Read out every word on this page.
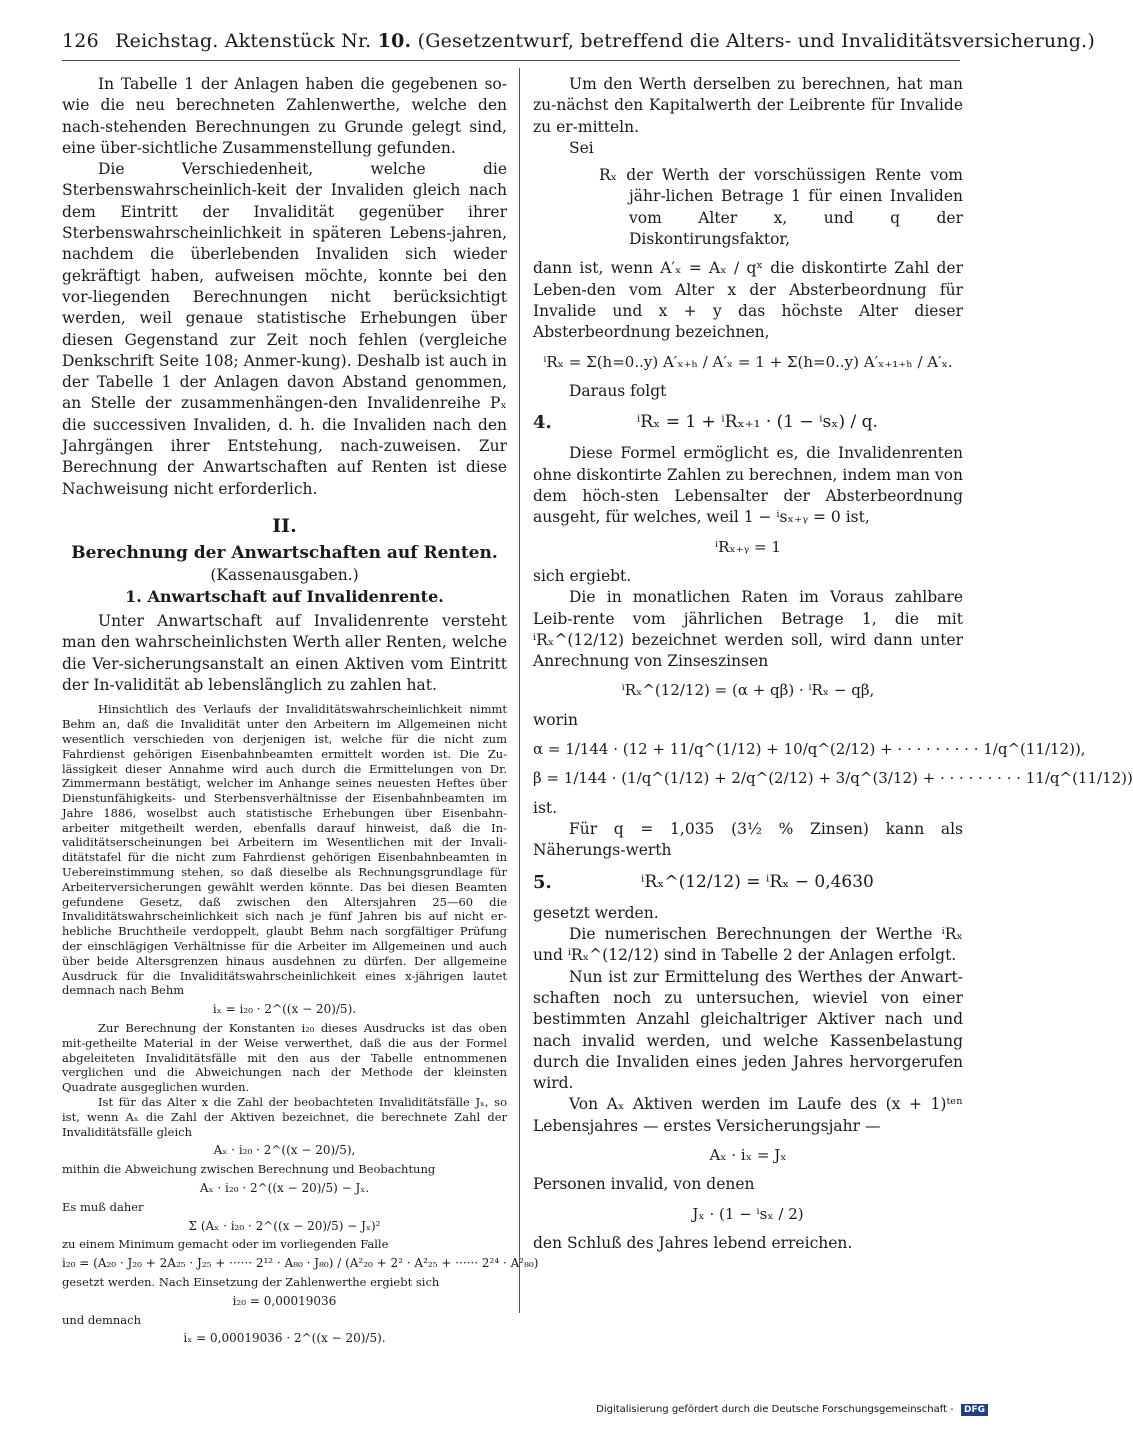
126 Reichstag. Aktenstück Nr. 10. (Gesetzentwurf, betreffend die Alters- und Invaliditätsversicherung.)

In Tabelle 1 der Anlagen haben die gegebenen so-wie die neu berechneten Zahlenwerthe, welche den nach-stehenden Berechnungen zu Grunde gelegt sind, eine über-sichtliche Zusammenstellung gefunden.

Die Verschiedenheit, welche die Sterbenswahrscheinlich-keit der Invaliden gleich nach dem Eintritt der Invalidität gegenüber ihrer Sterbenswahrscheinlichkeit in späteren Lebens-jahren, nachdem die überlebenden Invaliden sich wieder gekräftigt haben, aufweisen möchte, konnte bei den vor-liegenden Berechnungen nicht berücksichtigt werden, weil genaue statistische Erhebungen über diesen Gegenstand zur Zeit noch fehlen (vergleiche Denkschrift Seite 108; Anmer-kung). Deshalb ist auch in der Tabelle 1 der Anlagen davon Abstand genommen, an Stelle der zusammenhängen-den Invalidenreihe Pₓ die successiven Invaliden, d. h. die Invaliden nach den Jahrgängen ihrer Entstehung, nach-zuweisen. Zur Berechnung der Anwartschaften auf Renten ist diese Nachweisung nicht erforderlich.

II.
Berechnung der Anwartschaften auf Renten.
(Kassenausgaben.)
1. Anwartschaft auf Invalidenrente.

Unter Anwartschaft auf Invalidenrente versteht man den wahrscheinlichsten Werth aller Renten, welche die Ver-sicherungsanstalt an einen Aktiven vom Eintritt der In-validität ab lebenslänglich zu zahlen hat.

Hinsichtlich des Verlaufs der Invaliditätswahrscheinlichkeit nimmt Behm an, daß die Invalidität unter den Arbeitern im Allgemeinen nicht wesentlich verschieden von derjenigen ist, welche für die nicht zum Fahrdienst gehörigen Eisenbahnbeamten ermittelt worden ist. Die Zu-lässigkeit dieser Annahme wird auch durch die Ermittelungen von Dr. Zimmermann bestätigt, welcher im Anhange seines neuesten Heftes über Dienstunfähigkeits- und Sterbensverhältnisse der Eisenbahnbeamten im Jahre 1886, woselbst auch statistische Erhebungen über Eisenbahn-arbeiter mitgetheilt werden, ebenfalls darauf hinweist, daß die In-validitätserscheinungen bei Arbeitern im Wesentlichen mit der Invali-ditätstafel für die nicht zum Fahrdienst gehörigen Eisenbahnbeamten in Uebereinstimmung stehen, so daß dieselbe als Rechnungsgrundlage für Arbeiterversicherungen gewählt werden könnte. Das bei diesen Beamten gefundene Gesetz, daß zwischen den Altersjahren 25—60 die Invaliditätswahrscheinlichkeit sich nach je fünf Jahren bis auf nicht er-hebliche Bruchtheile verdoppelt, glaubt Behm nach sorgfältiger Prüfung der einschlägigen Verhältnisse für die Arbeiter im Allgemeinen und auch über beide Altersgrenzen hinaus ausdehnen zu dürfen. Der allgemeine Ausdruck für die Invaliditätswahrscheinlichkeit eines x-jährigen lautet demnach nach Behm

iₓ = i₂₀ · 2^((x − 20)/5).

Zur Berechnung der Konstanten i₂₀ dieses Ausdrucks ist das oben mit-getheilte Material in der Weise verwerthet, daß die aus der Formel abgeleiteten Invaliditätsfälle mit den aus der Tabelle entnommenen verglichen und die Abweichungen nach der Methode der kleinsten Quadrate ausgeglichen wurden.

Ist für das Alter x die Zahl der beobachteten Invaliditätsfälle Jₓ, so ist, wenn Aₓ die Zahl der Aktiven bezeichnet, die berechnete Zahl der Invaliditätsfälle gleich

Aₓ · i₂₀ · 2^((x − 20)/5),

mithin die Abweichung zwischen Berechnung und Beobachtung

Aₓ · i₂₀ · 2^((x − 20)/5) − Jₓ.

Es muß daher

Σ (Aₓ · i₂₀ · 2^((x − 20)/5) − Jₓ)²

zu einem Minimum gemacht oder im vorliegenden Falle

i₂₀ = (A₂₀ · J₂₀ + 2A₂₅ · J₂₅ + ······ 2¹² · A₈₀ · J₈₀) / (A²₂₀ + 2² · A²₂₅ + ······ 2²⁴ · A²₈₀)

gesetzt werden. Nach Einsetzung der Zahlenwerthe ergiebt sich

i₂₀ = 0,00019036

und demnach

iₓ = 0,00019036 · 2^((x − 20)/5).

Um den Werth derselben zu berechnen, hat man zu-nächst den Kapitalwerth der Leibrente für Invalide zu er-mitteln.

Sei

Rₓ der Werth der vorschüssigen Rente vom jähr-lichen Betrage 1 für einen Invaliden vom Alter x, und q der Diskontirungsfaktor,

dann ist, wenn A′ₓ = Aₓ / qˣ die diskontirte Zahl der Leben-den vom Alter x der Absterbeordnung für Invalide und x + y das höchste Alter dieser Absterbeordnung bezeichnen,

ⁱRₓ = Σ(h=0..y) A′ₓ₊ₕ / A′ₓ = 1 + Σ(h=0..y) A′ₓ₊₁₊ₕ / A′ₓ.

Daraus folgt

4.	ⁱRₓ = 1 + ⁱRₓ₊₁ · (1 − ⁱsₓ) / q.

Diese Formel ermöglicht es, die Invalidenrenten ohne diskontirte Zahlen zu berechnen, indem man von dem höch-sten Lebensalter der Absterbeordnung ausgeht, für welches, weil 1 − ⁱsₓ₊ᵧ = 0 ist,

ⁱRₓ₊ᵧ = 1

sich ergiebt.

Die in monatlichen Raten im Voraus zahlbare Leib-rente vom jährlichen Betrage 1, die mit ⁱRₓ^(12/12) bezeichnet werden soll, wird dann unter Anrechnung von Zinseszinsen

ⁱRₓ^(12/12) = (α + qβ) · ⁱRₓ − qβ,

worin

α = 1/144 · (12 + 11/q^(1/12) + 10/q^(2/12) + · · · · · · · · · 1/q^(11/12)),
β = 1/144 · (1/q^(1/12) + 2/q^(2/12) + 3/q^(3/12) + · · · · · · · · · 11/q^(11/12))

ist.

Für q = 1,035 (3½ % Zinsen) kann als Näherungs-werth

5.	ⁱRₓ^(12/12) = ⁱRₓ − 0,4630

gesetzt werden.

Die numerischen Berechnungen der Werthe ⁱRₓ und ⁱRₓ^(12/12) sind in Tabelle 2 der Anlagen erfolgt.

Nun ist zur Ermittelung des Werthes der Anwart-schaften noch zu untersuchen, wieviel von einer bestimmten Anzahl gleichaltriger Aktiver nach und nach invalid werden, und welche Kassenbelastung durch die Invaliden eines jeden Jahres hervorgerufen wird.

Von Aₓ Aktiven werden im Laufe des (x + 1)ᵗᵉⁿ Lebensjahres — erstes Versicherungsjahr —

Aₓ · iₓ = Jₓ

Personen invalid, von denen

Jₓ · (1 − ⁱsₓ / 2)

den Schluß des Jahres lebend erreichen.

Digitalisierung gefördert durch die Deutsche Forschungsgemeinschaft - DFG
